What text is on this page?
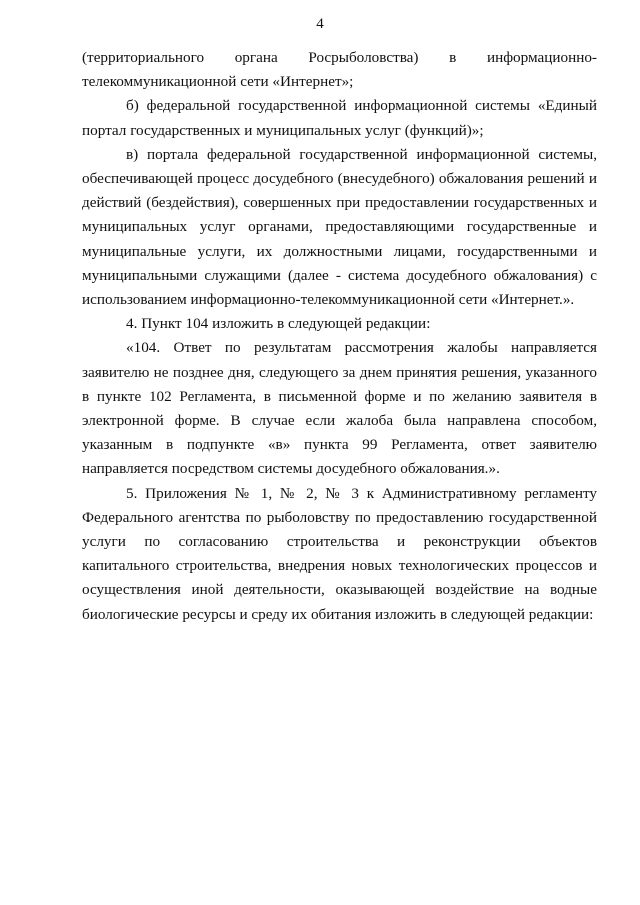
4
(территориального органа Росрыболовства) в информационно-

телекоммуникационной сети «Интернет»;

б) федеральной государственной информационной системы «Единый портал государственных и муниципальных услуг (функций)»;

в) портала федеральной государственной информационной системы, обеспечивающей процесс досудебного (внесудебного) обжалования решений и действий (бездействия), совершенных при предоставлении государственных и муниципальных услуг органами, предоставляющими государственные и муниципальные услуги, их должностными лицами, государственными и муниципальными служащими (далее - система досудебного обжалования) с использованием информационно-телекоммуникационной сети «Интернет.».

4. Пункт 104 изложить в следующей редакции:

«104. Ответ по результатам рассмотрения жалобы направляется заявителю не позднее дня, следующего за днем принятия решения, указанного в пункте 102 Регламента, в письменной форме и по желанию заявителя в электронной форме. В случае если жалоба была направлена способом, указанным в подпункте «в» пункта 99 Регламента, ответ заявителю направляется посредством системы досудебного обжалования.».

5. Приложения № 1, № 2, № 3 к Административному регламенту Федерального агентства по рыболовству по предоставлению государственной услуги по согласованию строительства и реконструкции объектов капитального строительства, внедрения новых технологических процессов и осуществления иной деятельности, оказывающей воздействие на водные биологические ресурсы и среду их обитания изложить в следующей редакции:
